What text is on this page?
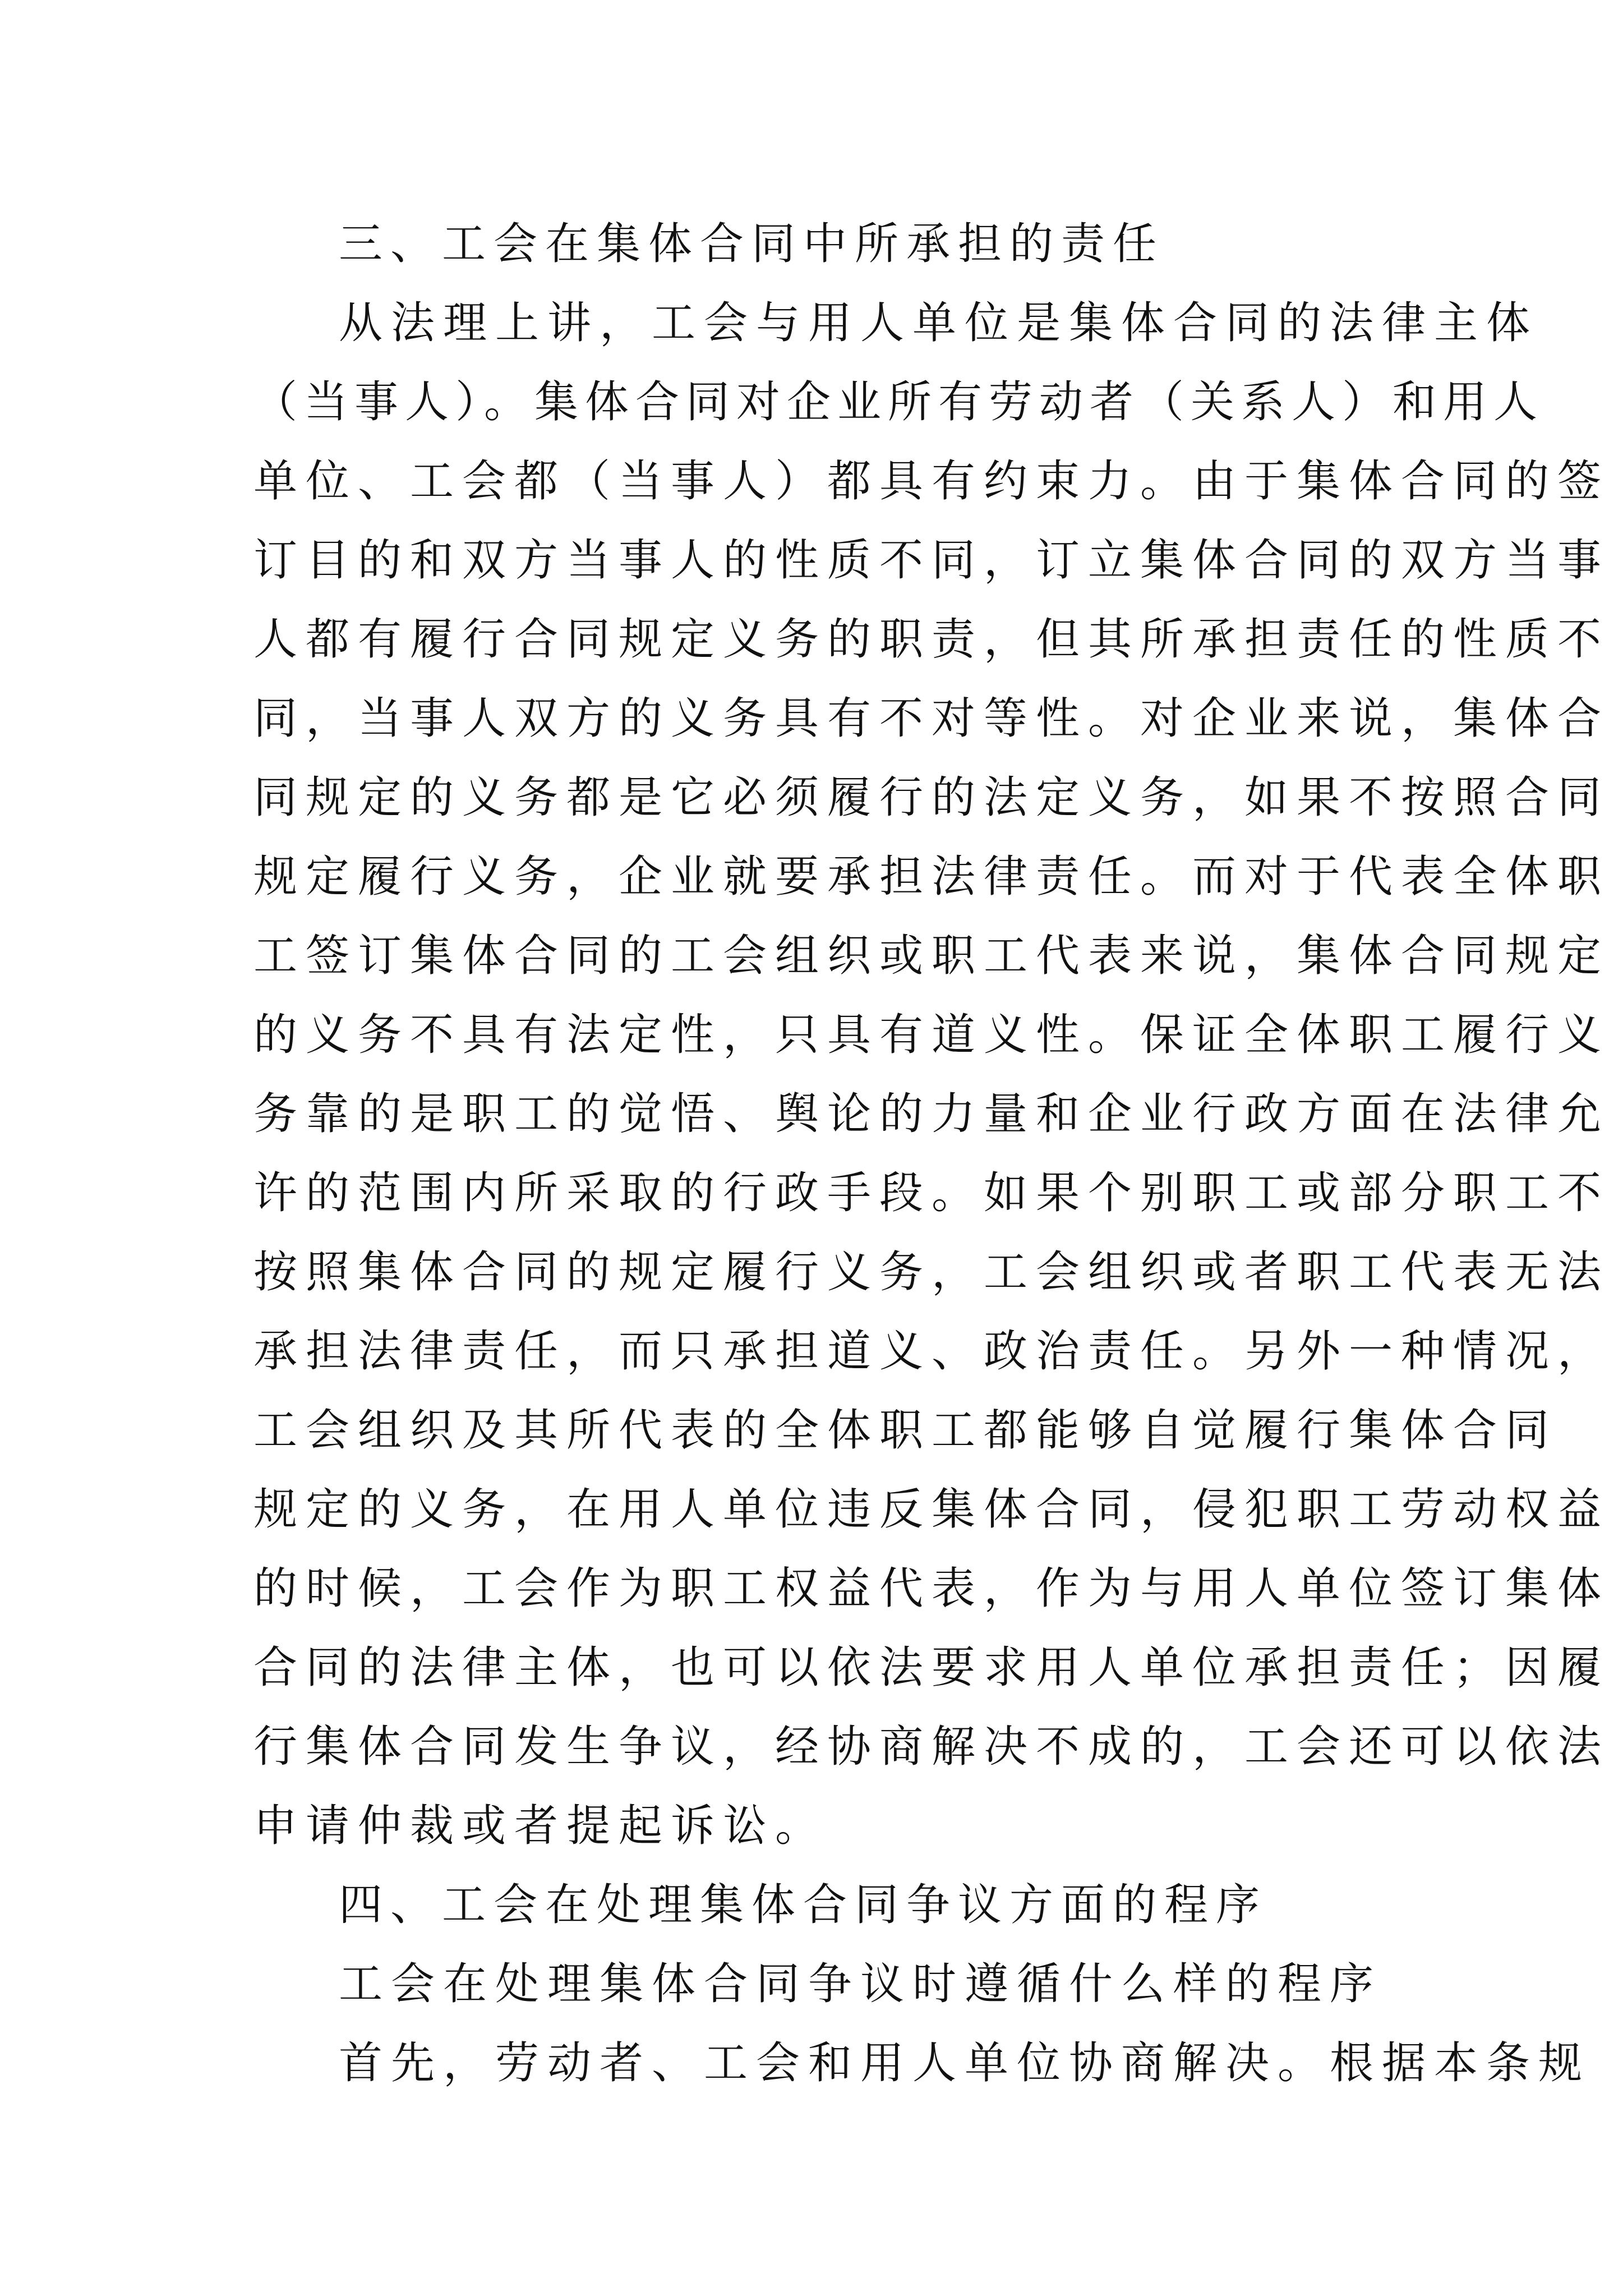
三、工会在集体合同中所承担的责任
从法理上讲，工会与用人单位是集体合同的法律主体
（当事人）。集体合同对企业所有劳动者（关系人）和用人
单位、工会都（当事人）都具有约束力。由于集体合同的签
订目的和双方当事人的性质不同，订立集体合同的双方当事
人都有履行合同规定义务的职责，但其所承担责任的性质不
同，当事人双方的义务具有不对等性。对企业来说，集体合
同规定的义务都是它必须履行的法定义务，如果不按照合同
规定履行义务，企业就要承担法律责任。而对于代表全体职
工签订集体合同的工会组织或职工代表来说，集体合同规定
的义务不具有法定性，只具有道义性。保证全体职工履行义
务靠的是职工的觉悟、舆论的力量和企业行政方面在法律允
许的范围内所采取的行政手段。如果个别职工或部分职工不
按照集体合同的规定履行义务，工会组织或者职工代表无法
承担法律责任，而只承担道义、政治责任。另外一种情况，
工会组织及其所代表的全体职工都能够自觉履行集体合同
规定的义务，在用人单位违反集体合同，侵犯职工劳动权益
的时候，工会作为职工权益代表，作为与用人单位签订集体
合同的法律主体，也可以依法要求用人单位承担责任；因履
行集体合同发生争议，经协商解决不成的，工会还可以依法
申请仲裁或者提起诉讼。
四、工会在处理集体合同争议方面的程序
工会在处理集体合同争议时遵循什么样的程序
首先，劳动者、工会和用人单位协商解决。根据本条规
